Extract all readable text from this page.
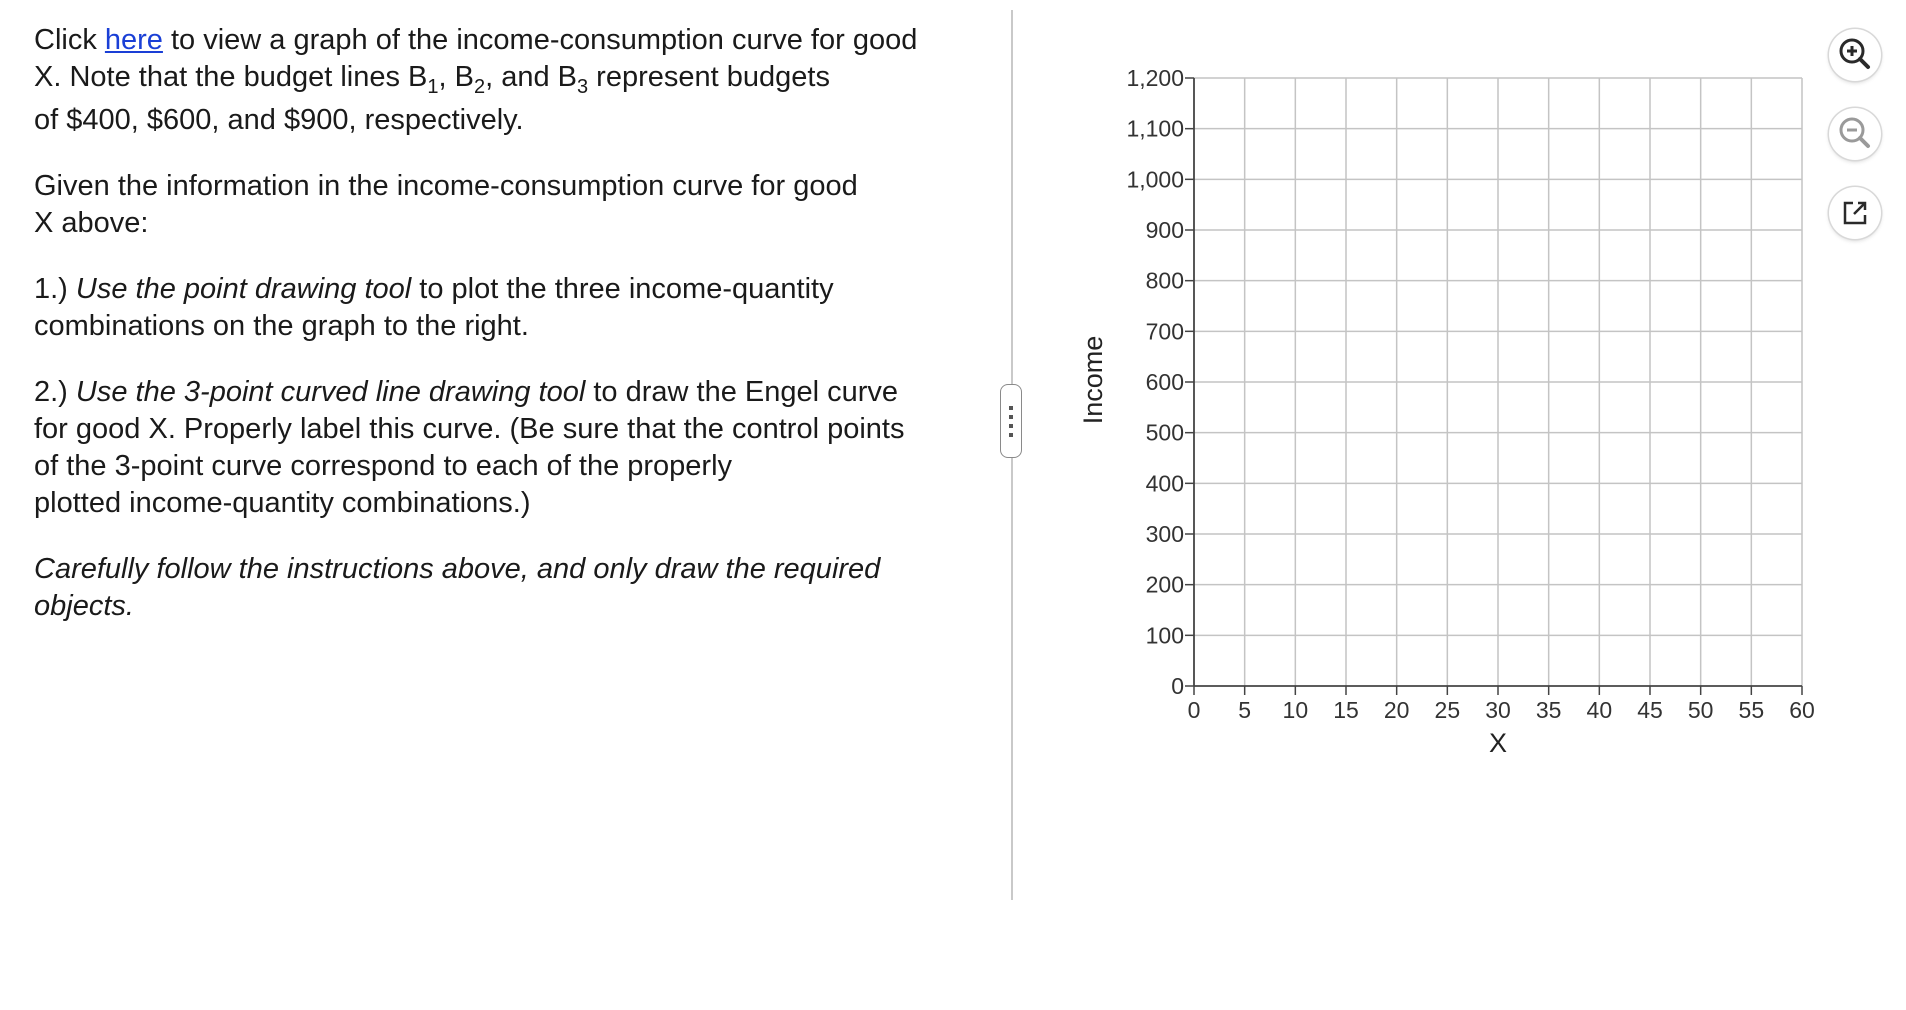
Click here to view a graph of the income-consumption curve for good
X. Note that the budget lines $B_1$, $B_2$, and $B_3$ represent budgets
of $400, $600, and $900, respectively.

Given the information in the income-consumption curve for good
X above:

1.) Use the point drawing tool to plot the three income-quantity
combinations on the graph to the right.

2.) Use the 3-point curved line drawing tool to draw the Engel curve
for good X. Properly label this curve. (Be sure that the control points
of the 3-point curve correspond to each of the properly
plotted income-quantity combinations.)

Carefully follow the instructions above, and only draw the required
objects.

0 5 10 15 20 25 30 35 40 45 50 55 60
0
100
200
300
400
500
600
700
800
900
1,000
1,100
1,200
X
Income
